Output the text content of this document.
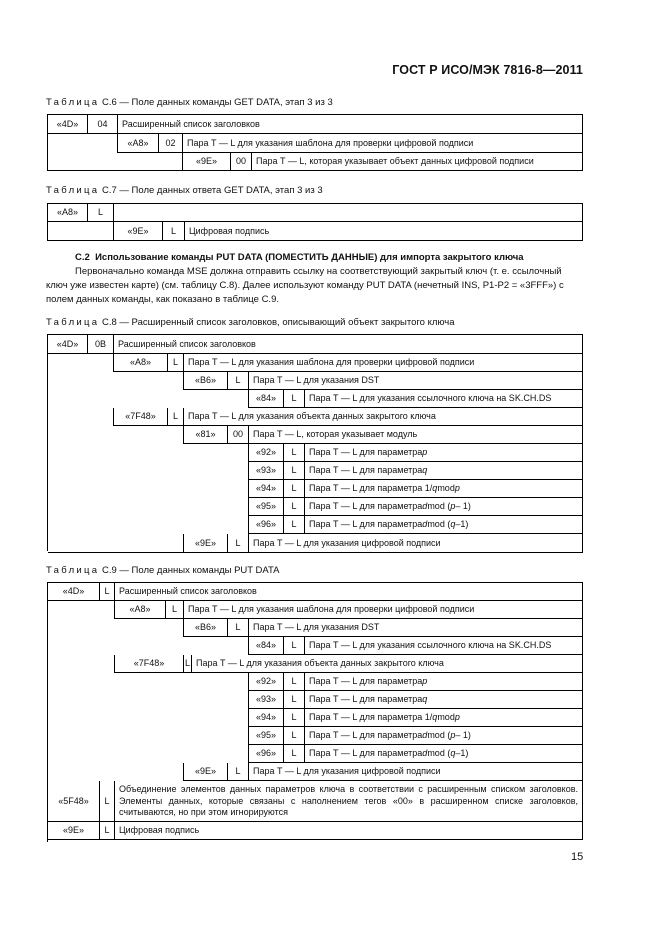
ГОСТ Р ИСО/МЭК 7816-8—2011
Таблица С.6 — Поле данных команды GET DATA, этап 3 из 3
«4D»	04	Расширенный список заголовков
«A8»	02	Пара T — L для указания шаблона для проверки цифровой подписи
«9E»	00	Пара T — L, которая указывает объект данных цифровой подписи
Таблица С.7 — Поле данных ответа GET DATA, этап 3 из 3
«A8»	L
«9E»	L	Цифровая подпись
С.2 Использование команды PUT DATA (ПОМЕСТИТЬ ДАННЫЕ) для импорта закрытого ключа
Первоначально команда MSE должна отправить ссылку на соответствующий закрытый ключ (т. е. ссылочный
ключ уже известен карте) (см. таблицу С.8). Далее используют команду PUT DATA (нечетный INS, P1-P2 = «3FFF») с
полем данных команды, как показано в таблице С.9.
Таблица С.8 — Расширенный список заголовков, описывающий объект закрытого ключа
«4D»	0B	Расширенный список заголовков
«A8»	L	Пара T — L для указания шаблона для проверки цифровой подписи
«B6»	L	Пара T — L для указания DST
«84»	L	Пара T — L для указания ссылочного ключа на SK.CH.DS
«7F48»	L	Пара T — L для указания объекта данных закрытого ключа
«81»	00	Пара T — L, которая указывает модуль
«92»	L	Пара T — L для параметра p
«93»	L	Пара T — L для параметра q
«94»	L	Пара T — L для параметра 1/ q mod p
«95»	L	Пара T — L для параметра d mod ( p – 1)
«96»	L	Пара T — L для параметра d mod ( q –1)
«9E»	L	Пара T — L для указания цифровой подписи
Таблица С.9 — Поле данных команды PUT DATA
«4D»	L	Расширенный список заголовков
«A8»	L	Пара T — L для указания шаблона для проверки цифровой подписи
«B6»	L	Пара T — L для указания DST
«84»	L	Пара T — L для указания ссылочного ключа на SK.CH.DS
«7F48»	L Пара T — L для указания объекта данных закрытого ключа
«92»	L	Пара T — L для параметра p
«93»	L	Пара T — L для параметра q
«94»	L	Пара T — L для параметра 1/ q mod p
«95»	L	Пара T — L для параметра d mod ( p – 1)
«96»	L	Пара T — L для параметра d mod ( q –1)
«9E»	L	Пара T — L для указания цифровой подписи
«5F48»	L
Объединение элементов данных параметров ключа в соответствии с расширенным списком заголовков. Элементы данных, которые связаны с наполнением тегов «00» в расширенном списке заголовков, считываются, но при этом игнорируются
«9E»	L	Цифровая подпись
15
